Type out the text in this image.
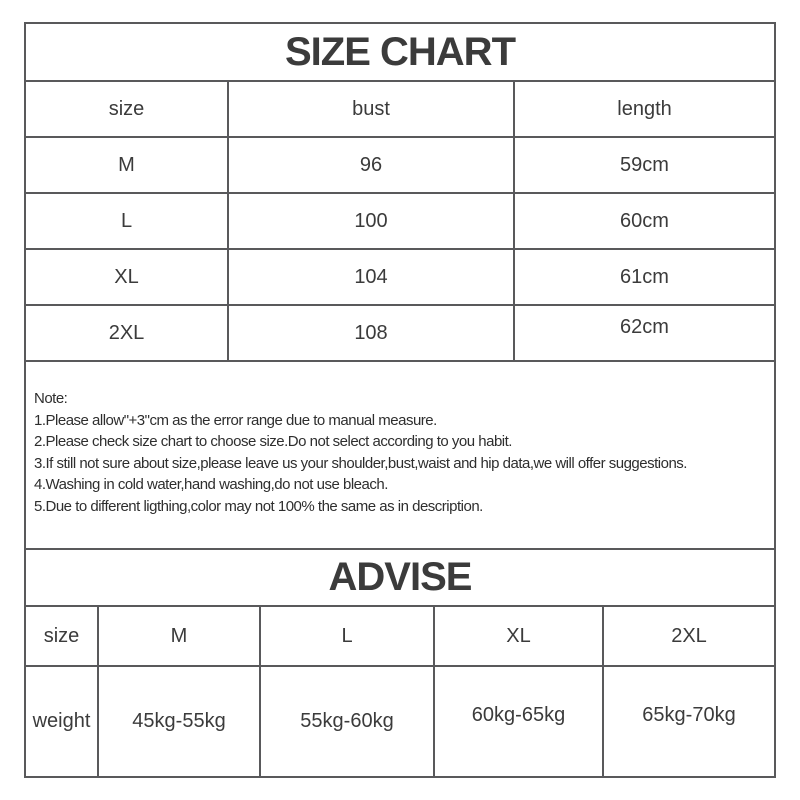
SIZE CHART
size	bust	length
M	96	59cm
L	100	60cm
XL	104	61cm
2XL	108	62cm
Note:
1.Please allow"+3"cm as the error range due to manual measure.
2.Please check size chart to choose size.Do not select according to you habit.
3.If still not sure about size,please leave us your shoulder,bust,waist and hip data,we will offer suggestions.
4.Washing in cold water,hand washing,do not use bleach.
5.Due to different ligthing,color may not 100% the same as in description.
ADVISE
size	M	L	XL	2XL
weight	45kg-55kg	55kg-60kg	60kg-65kg	65kg-70kg
